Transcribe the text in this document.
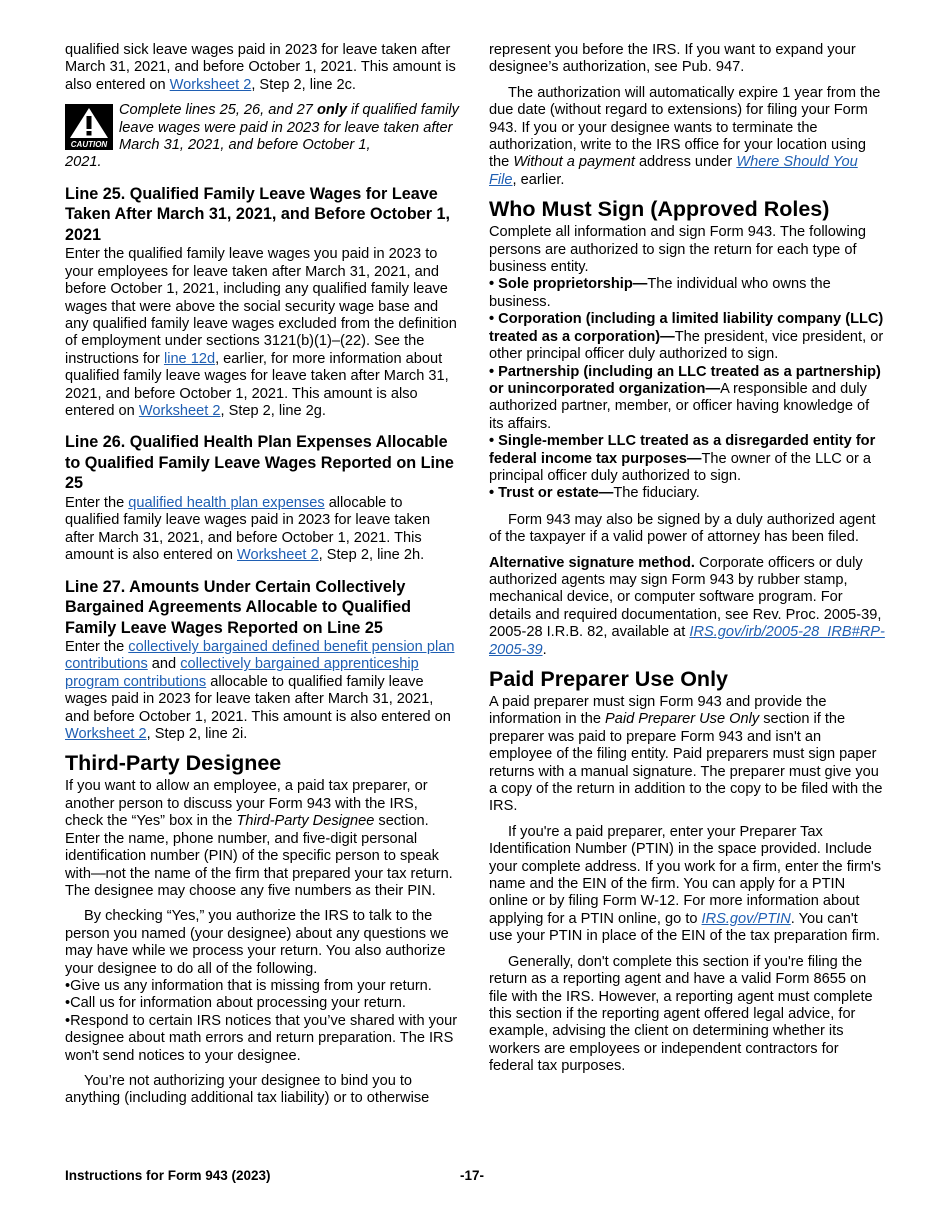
qualified sick leave wages paid in 2023 for leave taken after March 31, 2021, and before October 1, 2021. This amount is also entered on Worksheet 2, Step 2, line 2c.

CAUTION
Complete lines 25, 26, and 27 only if qualified family leave wages were paid in 2023 for leave taken after March 31, 2021, and before October 1,
2021.
Line 25. Qualified Family Leave Wages for Leave Taken After March 31, 2021, and Before October 1, 2021

Enter the qualified family leave wages you paid in 2023 to your employees for leave taken after March 31, 2021, and before October 1, 2021, including any qualified family leave wages that were above the social security wage base and any qualified family leave wages excluded from the definition of employment under sections 3121(b)(1)–(22). See the instructions for line 12d, earlier, for more information about qualified family leave wages for leave taken after March 31, 2021, and before October 1, 2021. This amount is also entered on Worksheet 2, Step 2, line 2g.

Line 26. Qualified Health Plan Expenses Allocable to Qualified Family Leave Wages Reported on Line 25

Enter the qualified health plan expenses allocable to qualified family leave wages paid in 2023 for leave taken after March 31, 2021, and before October 1, 2021. This amount is also entered on Worksheet 2, Step 2, line 2h.

Line 27. Amounts Under Certain Collectively Bargained Agreements Allocable to Qualified Family Leave Wages Reported on Line 25

Enter the collectively bargained defined benefit pension plan contributions and collectively bargained apprenticeship program contributions allocable to qualified family leave wages paid in 2023 for leave taken after March 31, 2021, and before October 1, 2021. This amount is also entered on Worksheet 2, Step 2, line 2i.

Third-Party Designee

If you want to allow an employee, a paid tax preparer, or another person to discuss your Form 943 with the IRS, check the “Yes” box in the Third-Party Designee section. Enter the name, phone number, and five-digit personal identification number (PIN) of the specific person to speak with—not the name of the firm that prepared your tax return. The designee may choose any five numbers as their PIN.

By checking “Yes,” you authorize the IRS to talk to the person you named (your designee) about any questions we may have while we process your return. You also authorize your designee to do all of the following.

•Give us any information that is missing from your return.
•Call us for information about processing your return.
•Respond to certain IRS notices that you’ve shared with your designee about math errors and return preparation. The IRS won't send notices to your designee.

You’re not authorizing your designee to bind you to anything (including additional tax liability) or to otherwise

represent you before the IRS. If you want to expand your designee’s authorization, see Pub. 947.

The authorization will automatically expire 1 year from the due date (without regard to extensions) for filing your Form 943. If you or your designee wants to terminate the authorization, write to the IRS office for your location using the Without a payment address under Where Should You File, earlier.

Who Must Sign (Approved Roles)

Complete all information and sign Form 943. The following persons are authorized to sign the return for each type of business entity.

• Sole proprietorship—The individual who owns the business.
• Corporation (including a limited liability company (LLC) treated as a corporation)—The president, vice president, or other principal officer duly authorized to sign.
• Partnership (including an LLC treated as a partnership) or unincorporated organization—A responsible and duly authorized partner, member, or officer having knowledge of its affairs.
• Single-member LLC treated as a disregarded entity for federal income tax purposes—The owner of the LLC or a principal officer duly authorized to sign.
• Trust or estate—The fiduciary.

Form 943 may also be signed by a duly authorized agent of the taxpayer if a valid power of attorney has been filed.

Alternative signature method. Corporate officers or duly authorized agents may sign Form 943 by rubber stamp, mechanical device, or computer software program. For details and required documentation, see Rev. Proc. 2005-39, 2005-28 I.R.B. 82, available at IRS.gov/irb/2005-28_IRB#RP-2005-39.

Paid Preparer Use Only

A paid preparer must sign Form 943 and provide the information in the Paid Preparer Use Only section if the preparer was paid to prepare Form 943 and isn't an employee of the filing entity. Paid preparers must sign paper returns with a manual signature. The preparer must give you a copy of the return in addition to the copy to be filed with the IRS.

If you're a paid preparer, enter your Preparer Tax Identification Number (PTIN) in the space provided. Include your complete address. If you work for a firm, enter the firm's name and the EIN of the firm. You can apply for a PTIN online or by filing Form W-12. For more information about applying for a PTIN online, go to IRS.gov/PTIN. You can't use your PTIN in place of the EIN of the tax preparation firm.

Generally, don't complete this section if you're filing the return as a reporting agent and have a valid Form 8655 on file with the IRS. However, a reporting agent must complete this section if the reporting agent offered legal advice, for example, advising the client on determining whether its workers are employees or independent contractors for federal tax purposes.

Instructions for Form 943 (2023)	-17-
